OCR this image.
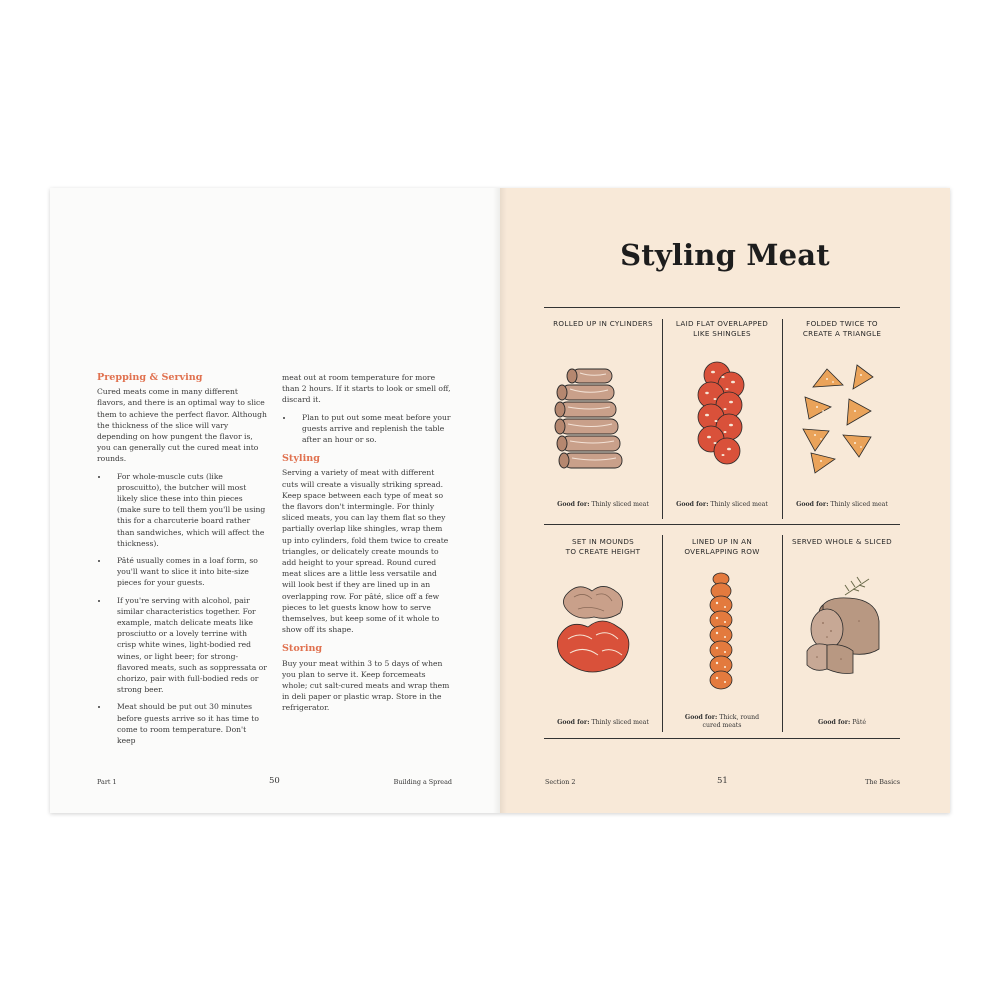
Prepping & Serving
Cured meats come in many different flavors, and there is an optimal way to slice them to achieve the perfect flavor. Although the thickness of the slice will vary depending on how pungent the flavor is, you can generally cut the cured meat into rounds.
• For whole-muscle cuts (like proscuitto), the butcher will most likely slice these into thin pieces (make sure to tell them you'll be using this for a charcuterie board rather than sandwiches, which will affect the thickness).
• Pâté usually comes in a loaf form, so you'll want to slice it into bite-size pieces for your guests.
• If you're serving with alcohol, pair similar characteristics together. For example, match delicate meats like prosciutto or a lovely terrine with crisp white wines, light-bodied red wines, or light beer; for strong-flavored meats, such as soppressata or chorizo, pair with full-bodied reds or strong beer.
• Meat should be put out 30 minutes before guests arrive so it has time to come to room temperature. Don't keep
meat out at room temperature for more than 2 hours. If it starts to look or smell off, discard it.
• Plan to put out some meat before your guests arrive and replenish the table after an hour or so.
Styling
Serving a variety of meat with different cuts will create a visually striking spread. Keep space between each type of meat so the flavors don't intermingle. For thinly sliced meats, you can lay them flat so they partially overlap like shingles, wrap them up into cylinders, fold them twice to create triangles, or delicately create mounds to add height to your spread. Round cured meat slices are a little less versatile and will look best if they are lined up in an overlapping row. For pâté, slice off a few pieces to let guests know how to serve themselves, but keep some of it whole to show off its shape.
Storing
Buy your meat within 3 to 5 days of when you plan to serve it. Keep forcemeats whole; cut salt-cured meats and wrap them in deli paper or plastic wrap. Store in the refrigerator.
Part 1	50	Building a Spread
Styling Meat
ROLLED UP IN CYLINDERS
Good for: Thinly sliced meat
LAID FLAT OVERLAPPED
LIKE SHINGLES
Good for: Thinly sliced meat
FOLDED TWICE TO
CREATE A TRIANGLE
Good for: Thinly sliced meat
SET IN MOUNDS
TO CREATE HEIGHT
Good for: Thinly sliced meat
LINED UP IN AN
OVERLAPPING ROW
Good for: Thick, round
cured meats
SERVED WHOLE & SLICED
Good for: Pâté
Section 2	51	The Basics
